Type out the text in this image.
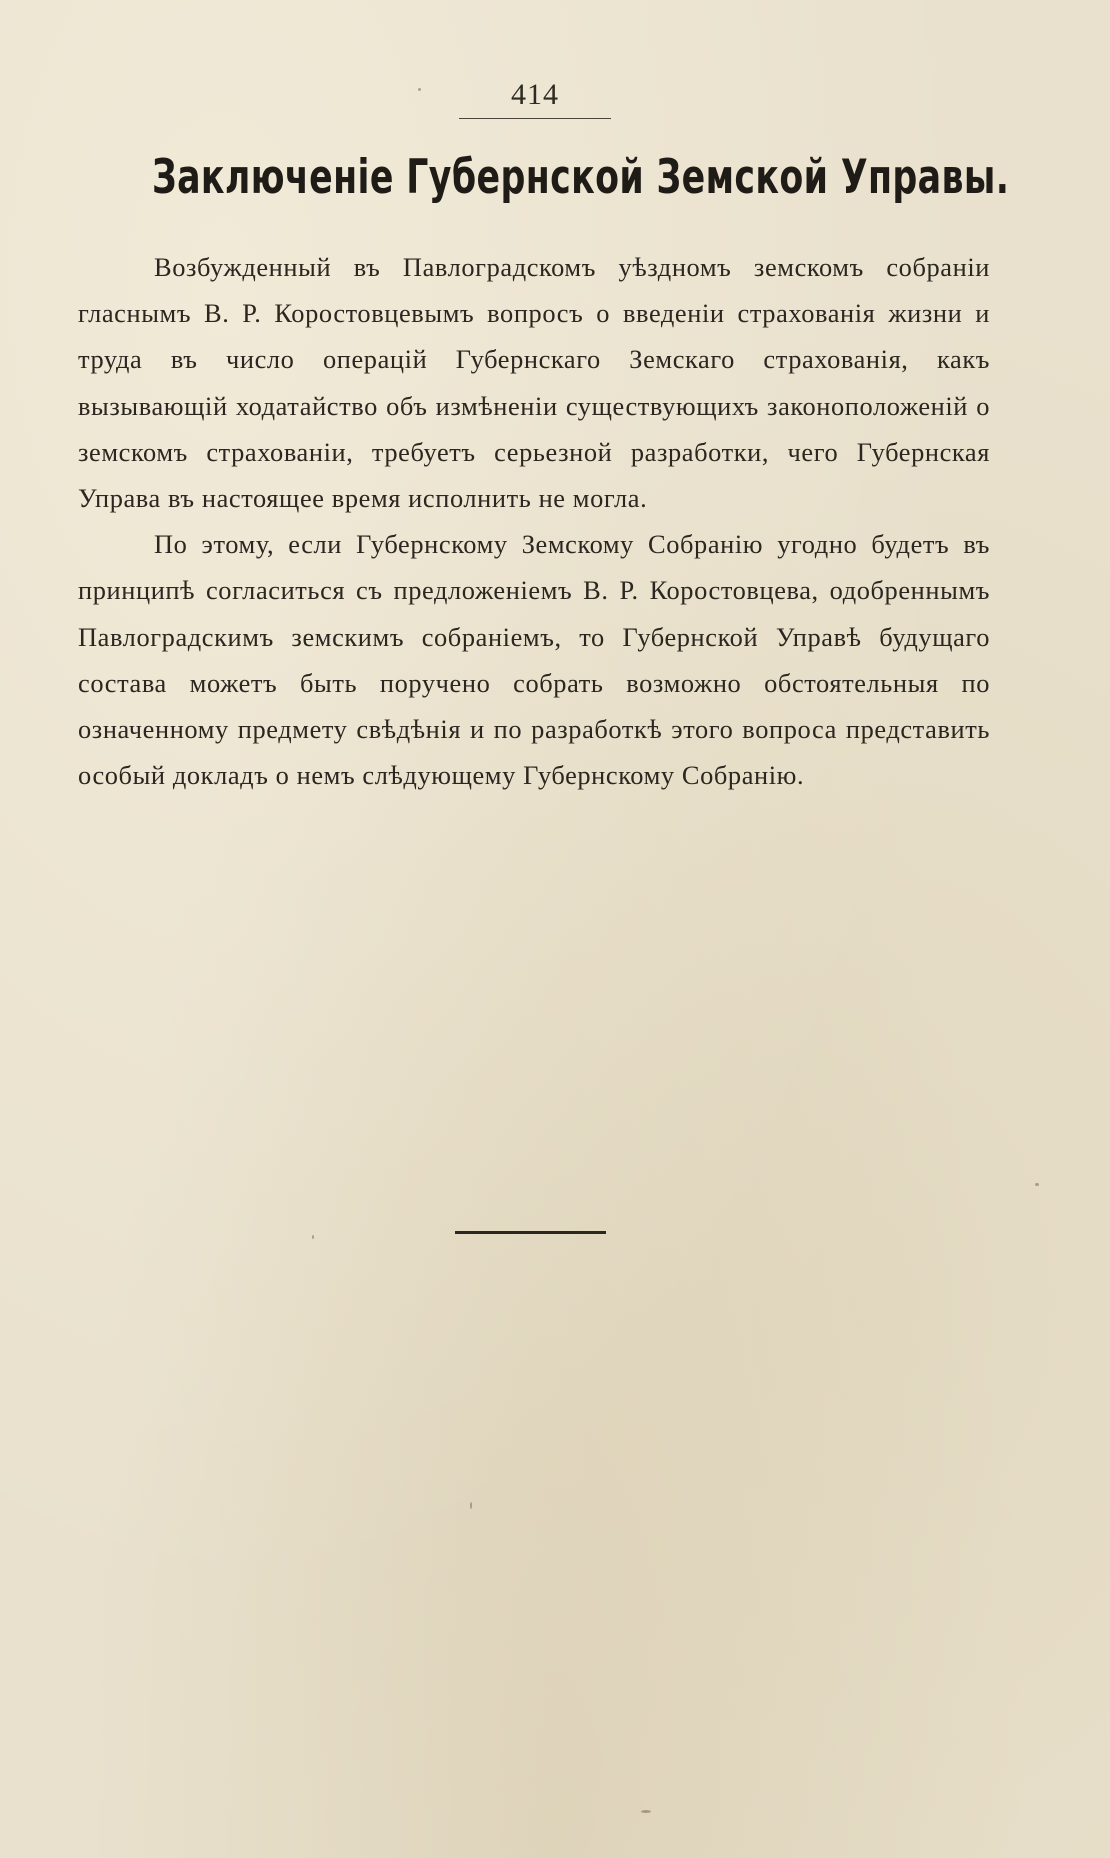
414
Заключеніе Губернской Земской Управы.

Возбужденный въ Павлоградскомъ уѣздномъ земскомъ собраніи гласнымъ В. Р. Коростовцевымъ вопросъ о введеніи страхованія жизни и труда въ число операцій Губернскаго Земскаго страхованія, какъ вызывающій ходатайство объ измѣненіи существующихъ законоположеній о земскомъ страхованіи, требуетъ серьезной разработки, чего Губернская Управа въ настоящее время исполнить не могла.

По этому, если Губернскому Земскому Собранію угодно будетъ въ принципѣ согласиться съ предложеніемъ В. Р. Коростовцева, одобреннымъ Павлоградскимъ земскимъ собраніемъ, то Губернской Управѣ будущаго состава можетъ быть поручено собрать возможно обстоятельныя по означенному предмету свѣдѣнія и по разработкѣ этого вопроса представить особый докладъ о немъ слѣдующему Губернскому Собранію.
